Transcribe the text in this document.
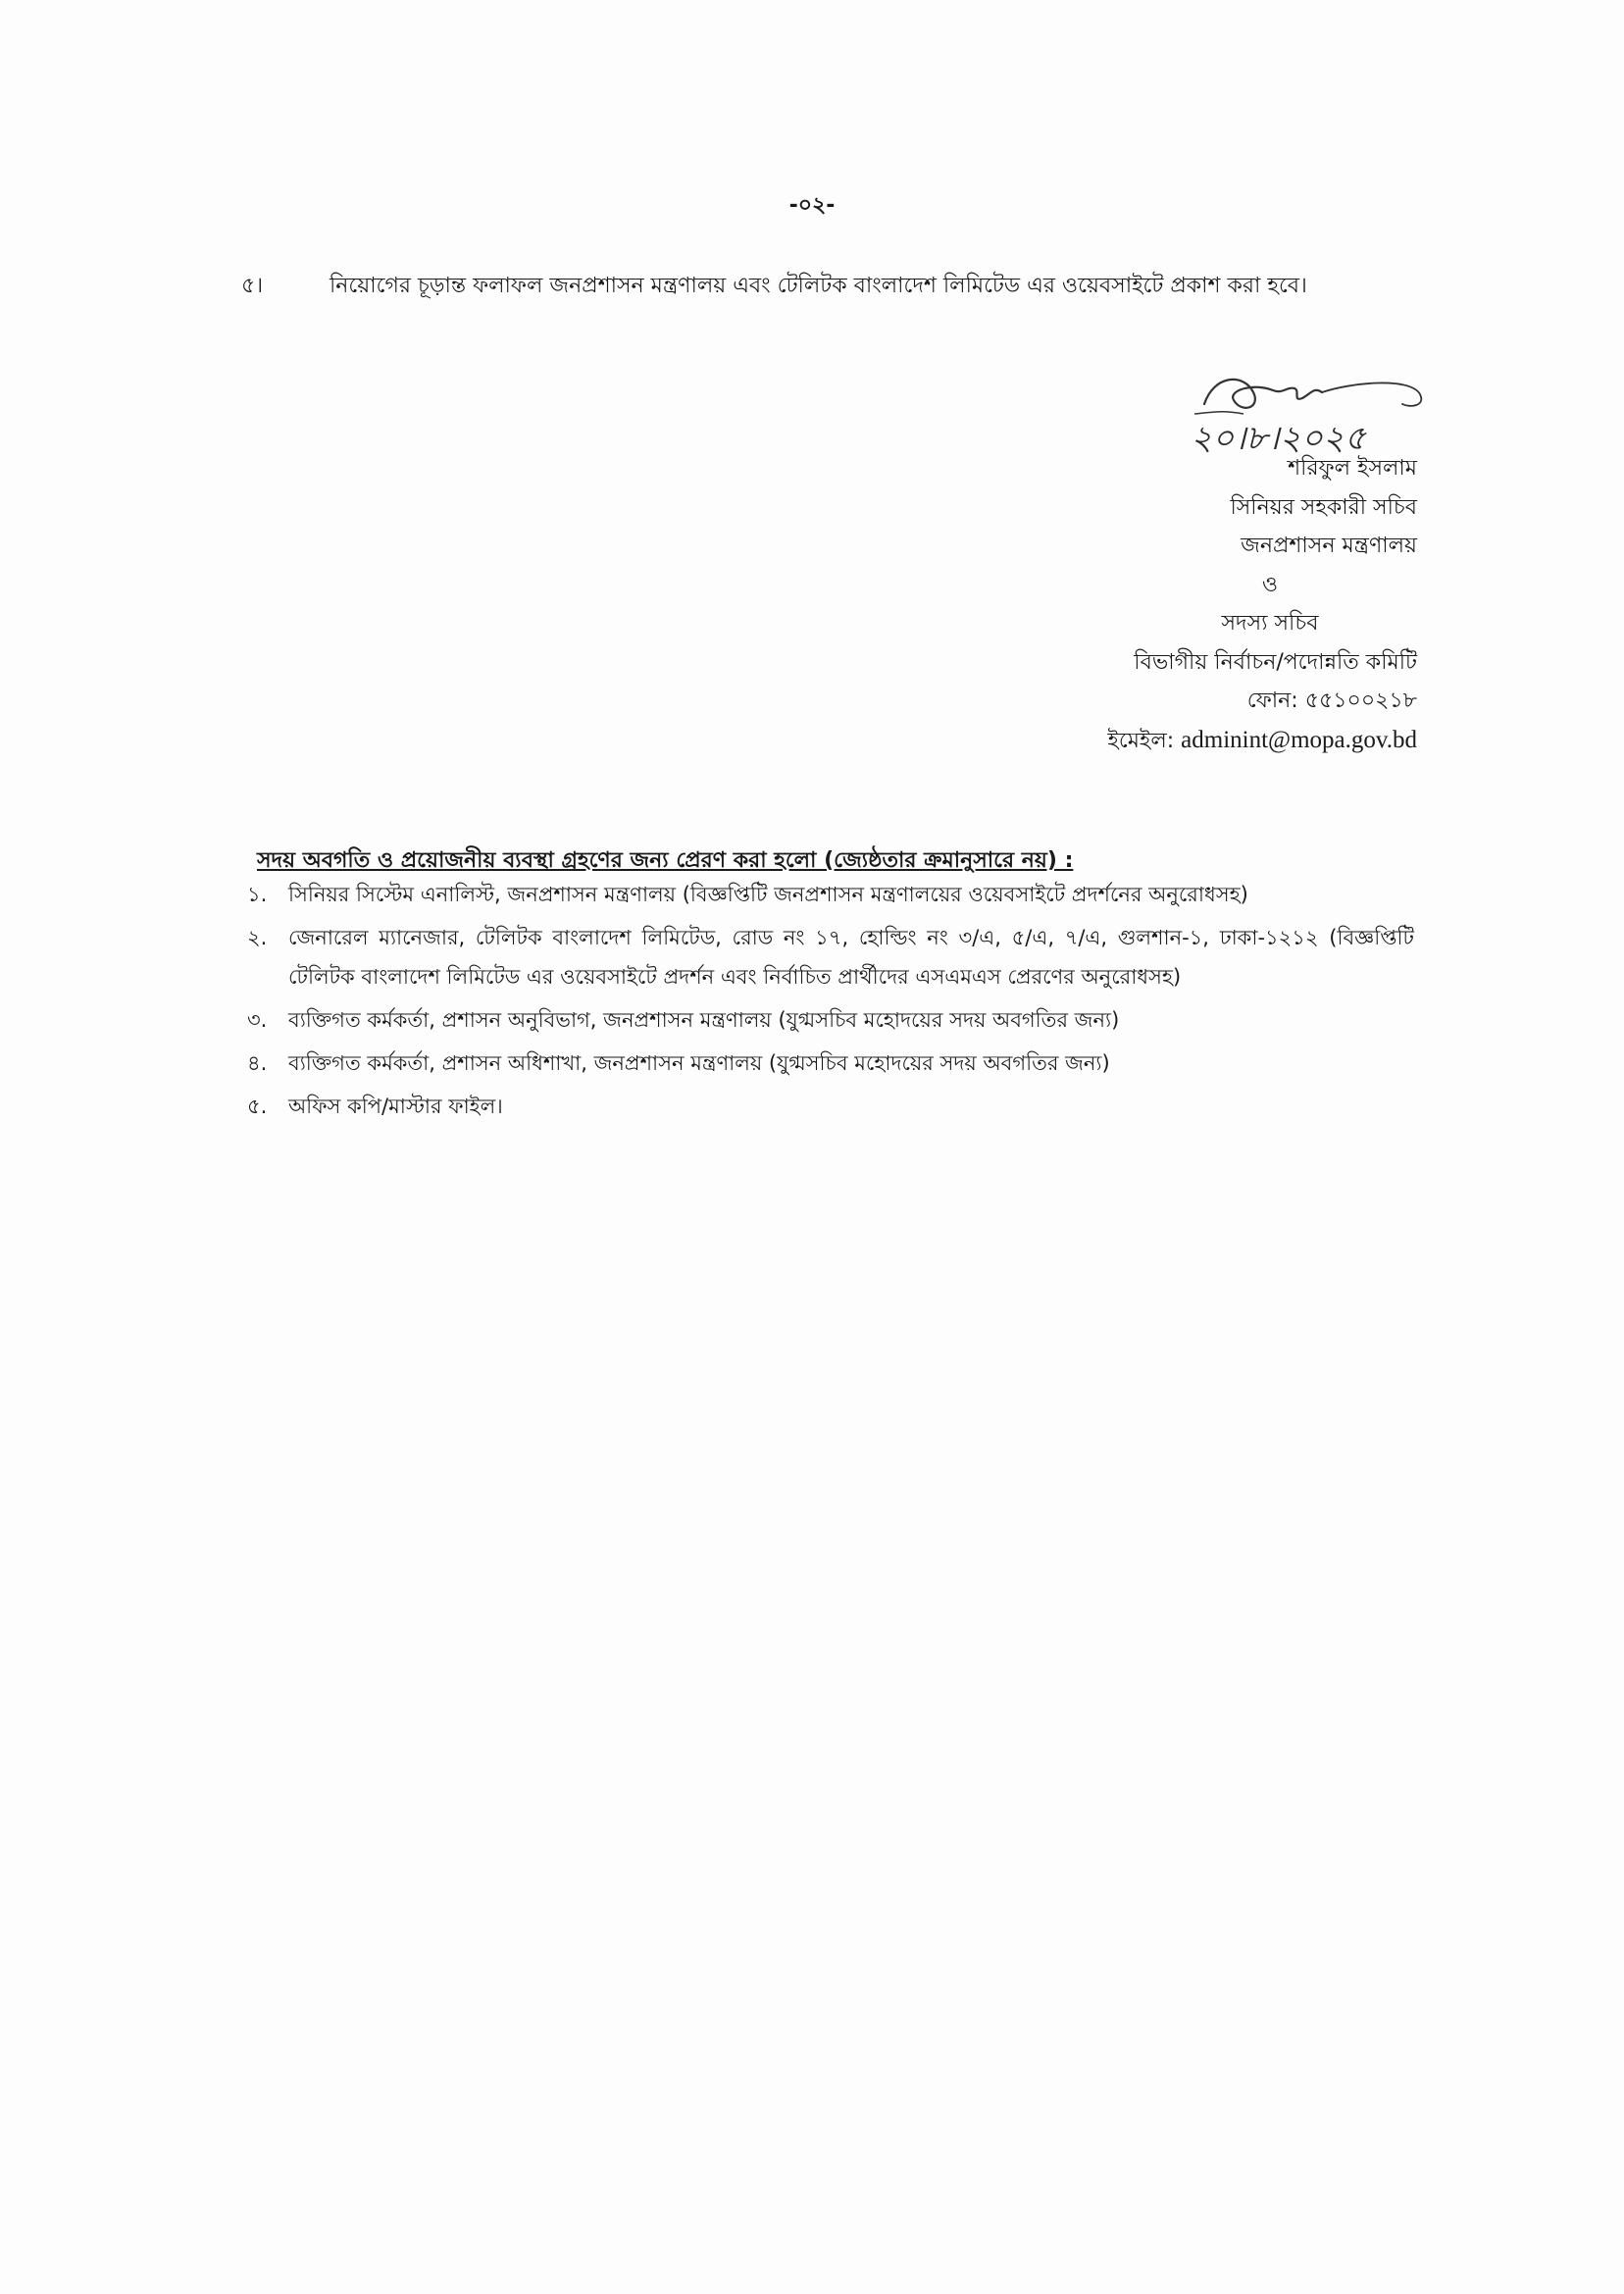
-০২-
৫।	নিয়োগের চূড়ান্ত ফলাফল জনপ্রশাসন মন্ত্রণালয় এবং টেলিটক বাংলাদেশ লিমিটেড এর ওয়েবসাইটে প্রকাশ করা হবে।
২০।৮।২০২৫
শরিফুল ইসলাম
সিনিয়র সহকারী সচিব
জনপ্রশাসন মন্ত্রণালয়
ও
সদস্য সচিব
বিভাগীয় নির্বাচন/পদোন্নতি কমিটি
ফোন: ৫৫১০০২১৮
ইমেইল: adminint@mopa.gov.bd
সদয় অবগতি ও প্রয়োজনীয় ব্যবস্থা গ্রহণের জন্য প্রেরণ করা হলো (জ্যেষ্ঠতার ক্রমানুসারে নয়) :
১.	সিনিয়র সিস্টেম এনালিস্ট, জনপ্রশাসন মন্ত্রণালয় (বিজ্ঞপ্তিটি জনপ্রশাসন মন্ত্রণালয়ের ওয়েবসাইটে প্রদর্শনের অনুরোধসহ)
২.	জেনারেল ম্যানেজার, টেলিটক বাংলাদেশ লিমিটেড, রোড নং ১৭, হোল্ডিং নং ৩/এ, ৫/এ, ৭/এ, গুলশান-১, ঢাকা-১২১২ (বিজ্ঞপ্তিটি টেলিটক বাংলাদেশ লিমিটেড এর ওয়েবসাইটে প্রদর্শন এবং নির্বাচিত প্রার্থীদের এসএমএস প্রেরণের অনুরোধসহ)
৩.	ব্যক্তিগত কর্মকর্তা, প্রশাসন অনুবিভাগ, জনপ্রশাসন মন্ত্রণালয় (যুগ্মসচিব মহোদয়ের সদয় অবগতির জন্য)
৪.	ব্যক্তিগত কর্মকর্তা, প্রশাসন অধিশাখা, জনপ্রশাসন মন্ত্রণালয় (যুগ্মসচিব মহোদয়ের সদয় অবগতির জন্য)
৫.	অফিস কপি/মাস্টার ফাইল।
